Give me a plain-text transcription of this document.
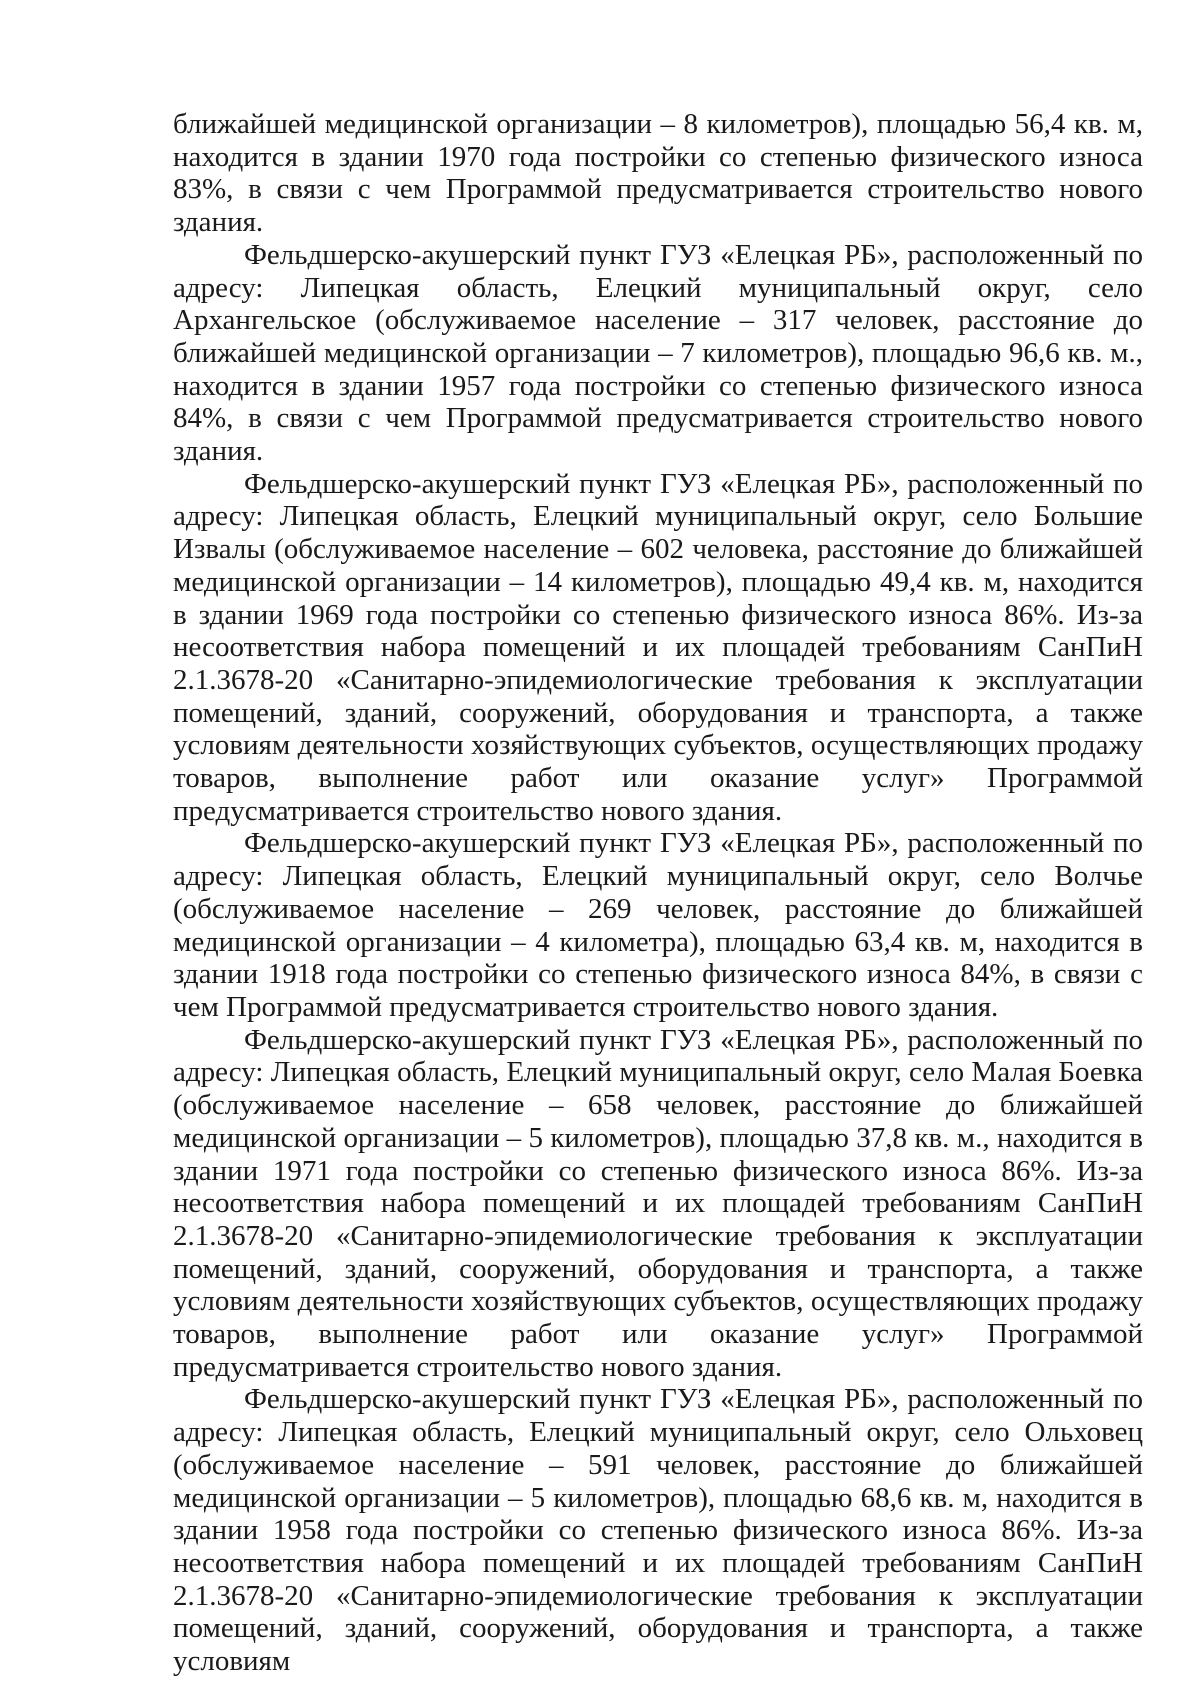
ближайшей медицинской организации – 8 километров), площадью 56,4 кв. м, находится в здании 1970 года постройки со степенью физического износа 83%, в связи с чем Программой предусматривается строительство нового здания.

Фельдшерско-акушерский пункт ГУЗ «Елецкая РБ», расположенный по адресу: Липецкая область, Елецкий муниципальный округ, село Архангельское (обслуживаемое население – 317 человек, расстояние до ближайшей медицинской организации – 7 километров), площадью 96,6 кв. м., находится в здании 1957 года постройки со степенью физического износа 84%, в связи с чем Программой предусматривается строительство нового здания.

Фельдшерско-акушерский пункт ГУЗ «Елецкая РБ», расположенный по адресу: Липецкая область, Елецкий муниципальный округ, село Большие Извалы (обслуживаемое население – 602 человека, расстояние до ближайшей медицинской организации – 14 километров), площадью 49,4 кв. м, находится в здании 1969 года постройки со степенью физического износа 86%. Из-за несоответствия набора помещений и их площадей требованиям СанПиН 2.1.3678-20 «Санитарно-эпидемиологические требования к эксплуатации помещений, зданий, сооружений, оборудования и транспорта, а также условиям деятельности хозяйствующих субъектов, осуществляющих продажу товаров, выполнение работ или оказание услуг» Программой предусматривается строительство нового здания.

Фельдшерско-акушерский пункт ГУЗ «Елецкая РБ», расположенный по адресу: Липецкая область, Елецкий муниципальный округ, село Волчье (обслуживаемое население – 269 человек, расстояние до ближайшей медицинской организации – 4 километра), площадью 63,4 кв. м, находится в здании 1918 года постройки со степенью физического износа 84%, в связи с чем Программой предусматривается строительство нового здания.

Фельдшерско-акушерский пункт ГУЗ «Елецкая РБ», расположенный по адресу: Липецкая область, Елецкий муниципальный округ, село Малая Боевка (обслуживаемое население – 658 человек, расстояние до ближайшей медицинской организации – 5 километров), площадью 37,8 кв. м., находится в здании 1971 года постройки со степенью физического износа 86%. Из-за несоответствия набора помещений и их площадей требованиям СанПиН 2.1.3678-20 «Санитарно-эпидемиологические требования к эксплуатации помещений, зданий, сооружений, оборудования и транспорта, а также условиям деятельности хозяйствующих субъектов, осуществляющих продажу товаров, выполнение работ или оказание услуг» Программой предусматривается строительство нового здания.

Фельдшерско-акушерский пункт ГУЗ «Елецкая РБ», расположенный по адресу: Липецкая область, Елецкий муниципальный округ, село Ольховец (обслуживаемое население – 591 человек, расстояние до ближайшей медицинской организации – 5 километров), площадью 68,6 кв. м, находится в здании 1958 года постройки со степенью физического износа 86%. Из-за несоответствия набора помещений и их площадей требованиям СанПиН 2.1.3678-20 «Санитарно-эпидемиологические требования к эксплуатации помещений, зданий, сооружений, оборудования и транспорта, а также условиям
